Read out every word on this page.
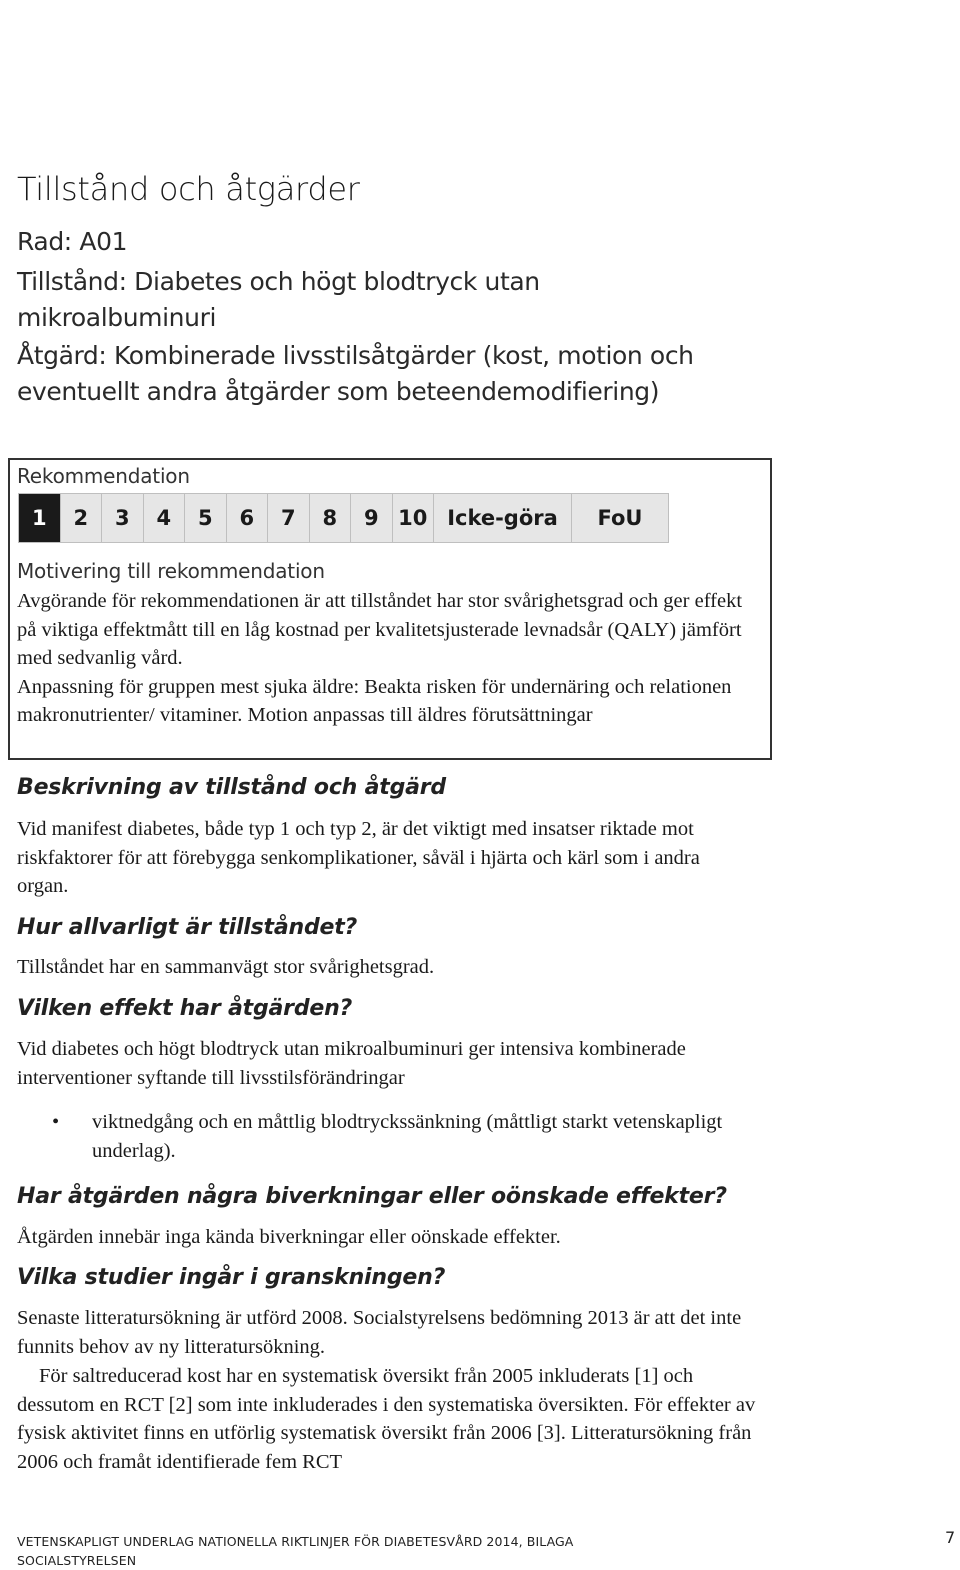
Tillstånd och åtgärder

Rad: A01

Tillstånd: Diabetes och högt blodtryck utan mikroalbuminuri

Åtgärd: Kombinerade livsstilsåtgärder (kost, motion och eventuellt andra åtgärder som beteendemodifiering)

Rekommendation
1	2	3	4	5	6	7	8	9 10 Icke-göra	FoU
Motivering till rekommendation
Avgörande för rekommendationen är att tillståndet har stor svårighetsgrad och ger effekt på viktiga effektmått till en låg kostnad per kvalitetsjusterade levnadsår (QALY) jämfört med sedvanlig vård.
Anpassning för gruppen mest sjuka äldre: Beakta risken för undernäring och relationen makronutrienter/ vitaminer. Motion anpassas till äldres förutsättningar
Beskrivning av tillstånd och åtgärd

Vid manifest diabetes, både typ 1 och typ 2, är det viktigt med insatser riktade mot riskfaktorer för att förebygga senkomplikationer, såväl i hjärta och kärl som i andra organ.

Hur allvarligt är tillståndet?

Tillståndet har en sammanvägt stor svårighetsgrad.

Vilken effekt har åtgärden?

Vid diabetes och högt blodtryck utan mikroalbuminuri ger intensiva kombinerade interventioner syftande till livsstilsförändringar

• viktnedgång och en måttlig blodtryckssänkning (måttligt starkt vetenskapligt underlag).

Har åtgärden några biverkningar eller oönskade effekter?

Åtgärden innebär inga kända biverkningar eller oönskade effekter.

Vilka studier ingår i granskningen?

Senaste litteratursökning är utförd 2008. Socialstyrelsens bedömning 2013 är att det inte funnits behov av ny litteratursökning.

För saltreducerad kost har en systematisk översikt från 2005 inkluderats [1] och dessutom en RCT [2] som inte inkluderades i den systematiska översikten. För effekter av fysisk aktivitet finns en utförlig systematisk översikt från 2006 [3]. Litteratursökning från 2006 och framåt identifierade fem RCT

VETENSKAPLIGT UNDERLAG NATIONELLA RIKTLINJER FÖR DIABETESVÅRD 2014, BILAGA SOCIALSTYRELSEN
7
